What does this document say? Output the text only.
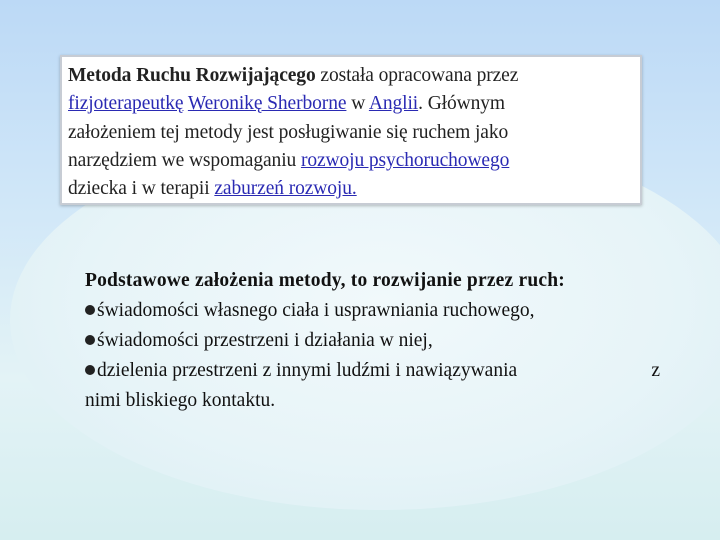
Metoda Ruchu Rozwijającego została opracowana przez
fizjoterapeutkę Weronikę Sherborne w Anglii. Głównym
założeniem tej metody jest posługiwanie się ruchem jako
narzędziem we wspomaganiu rozwoju psychoruchowego
dziecka i w terapii zaburzeń rozwoju.
Podstawowe założenia metody, to rozwijanie przez ruch:
świadomości własnego ciała i usprawniania ruchowego,
świadomości przestrzeni i działania w niej,
dzielenia przestrzeni z innymi ludźmi i nawiązywania	z
nimi bliskiego kontaktu.
